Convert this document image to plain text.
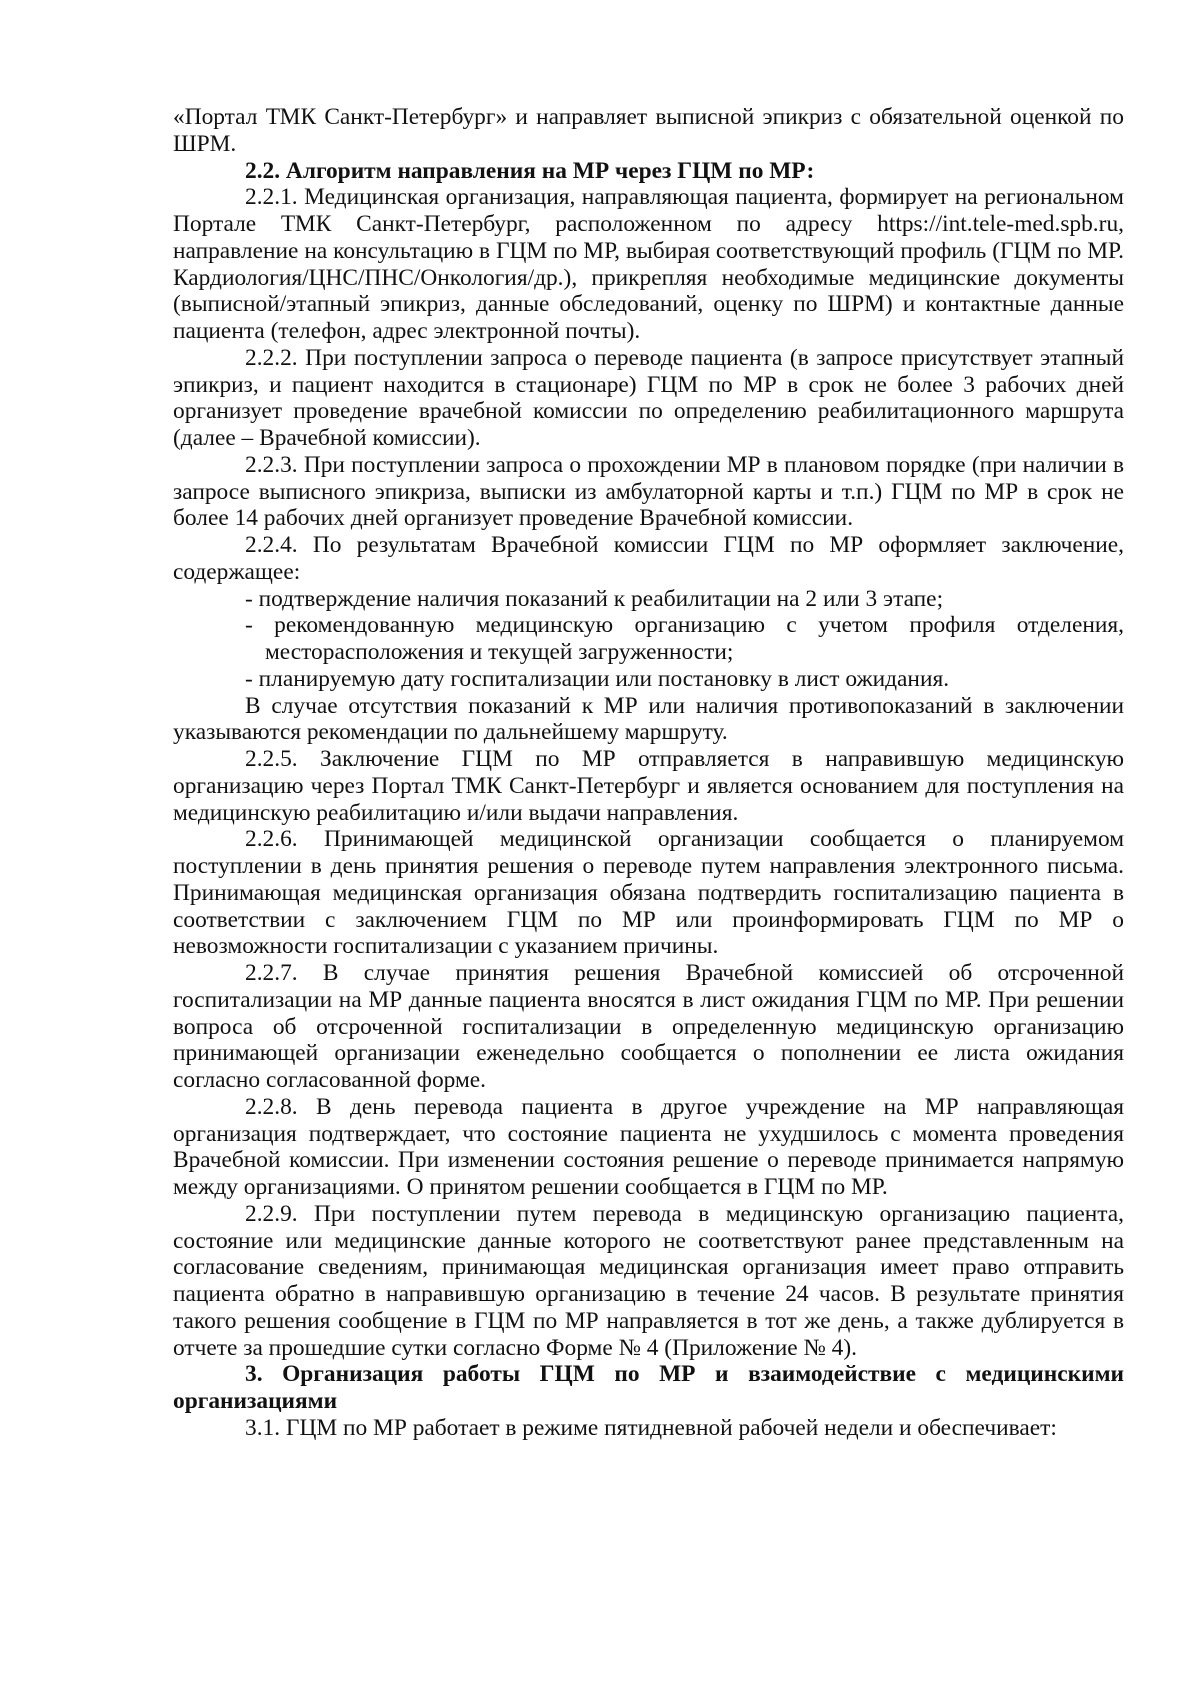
«Портал ТМК Санкт-Петербург» и направляет выписной эпикриз с обязательной оценкой по ШРМ.

2.2. Алгоритм направления на МР через ГЦМ по МР:

2.2.1. Медицинская организация, направляющая пациента, формирует на региональном Портале ТМК Санкт-Петербург, расположенном по адресу https://int.tele-med.spb.ru, направление на консультацию в ГЦМ по МР, выбирая соответствующий профиль (ГЦМ по МР. Кардиология/ЦНС/ПНС/Онкология/др.), прикрепляя необходимые медицинские документы (выписной/этапный эпикриз, данные обследований, оценку по ШРМ) и контактные данные пациента (телефон, адрес электронной почты).

2.2.2. При поступлении запроса о переводе пациента (в запросе присутствует этапный эпикриз, и пациент находится в стационаре) ГЦМ по МР в срок не более 3 рабочих дней организует проведение врачебной комиссии по определению реабилитационного маршрута (далее – Врачебной комиссии).

2.2.3. При поступлении запроса о прохождении МР в плановом порядке (при наличии в запросе выписного эпикриза, выписки из амбулаторной карты и т.п.) ГЦМ по МР в срок не более 14 рабочих дней организует проведение Врачебной комиссии.

2.2.4. По результатам Врачебной комиссии ГЦМ по МР оформляет заключение, содержащее:

- подтверждение наличия показаний к реабилитации на 2 или 3 этапе;

- рекомендованную медицинскую организацию с учетом профиля отделения, месторасположения и текущей загруженности;

- планируемую дату госпитализации или постановку в лист ожидания.

В случае отсутствия показаний к МР или наличия противопоказаний в заключении указываются рекомендации по дальнейшему маршруту.

2.2.5. Заключение ГЦМ по МР отправляется в направившую медицинскую организацию через Портал ТМК Санкт-Петербург и является основанием для поступления на медицинскую реабилитацию и/или выдачи направления.

2.2.6. Принимающей медицинской организации сообщается о планируемом поступлении в день принятия решения о переводе путем направления электронного письма. Принимающая медицинская организация обязана подтвердить госпитализацию пациента в соответствии с заключением ГЦМ по МР или проинформировать ГЦМ по МР о невозможности госпитализации с указанием причины.

2.2.7. В случае принятия решения Врачебной комиссией об отсроченной госпитализации на МР данные пациента вносятся в лист ожидания ГЦМ по МР. При решении вопроса об отсроченной госпитализации в определенную медицинскую организацию принимающей организации еженедельно сообщается о пополнении ее листа ожидания согласно согласованной форме.

2.2.8. В день перевода пациента в другое учреждение на МР направляющая организация подтверждает, что состояние пациента не ухудшилось с момента проведения Врачебной комиссии. При изменении состояния решение о переводе принимается напрямую между организациями. О принятом решении сообщается в ГЦМ по МР.

2.2.9. При поступлении путем перевода в медицинскую организацию пациента, состояние или медицинские данные которого не соответствуют ранее представленным на согласование сведениям, принимающая медицинская организация имеет право отправить пациента обратно в направившую организацию в течение 24 часов. В результате принятия такого решения сообщение в ГЦМ по МР направляется в тот же день, а также дублируется в отчете за прошедшие сутки согласно Форме № 4 (Приложение № 4).

3. Организация работы ГЦМ по МР и взаимодействие с медицинскими организациями

3.1. ГЦМ по МР работает в режиме пятидневной рабочей недели и обеспечивает:
